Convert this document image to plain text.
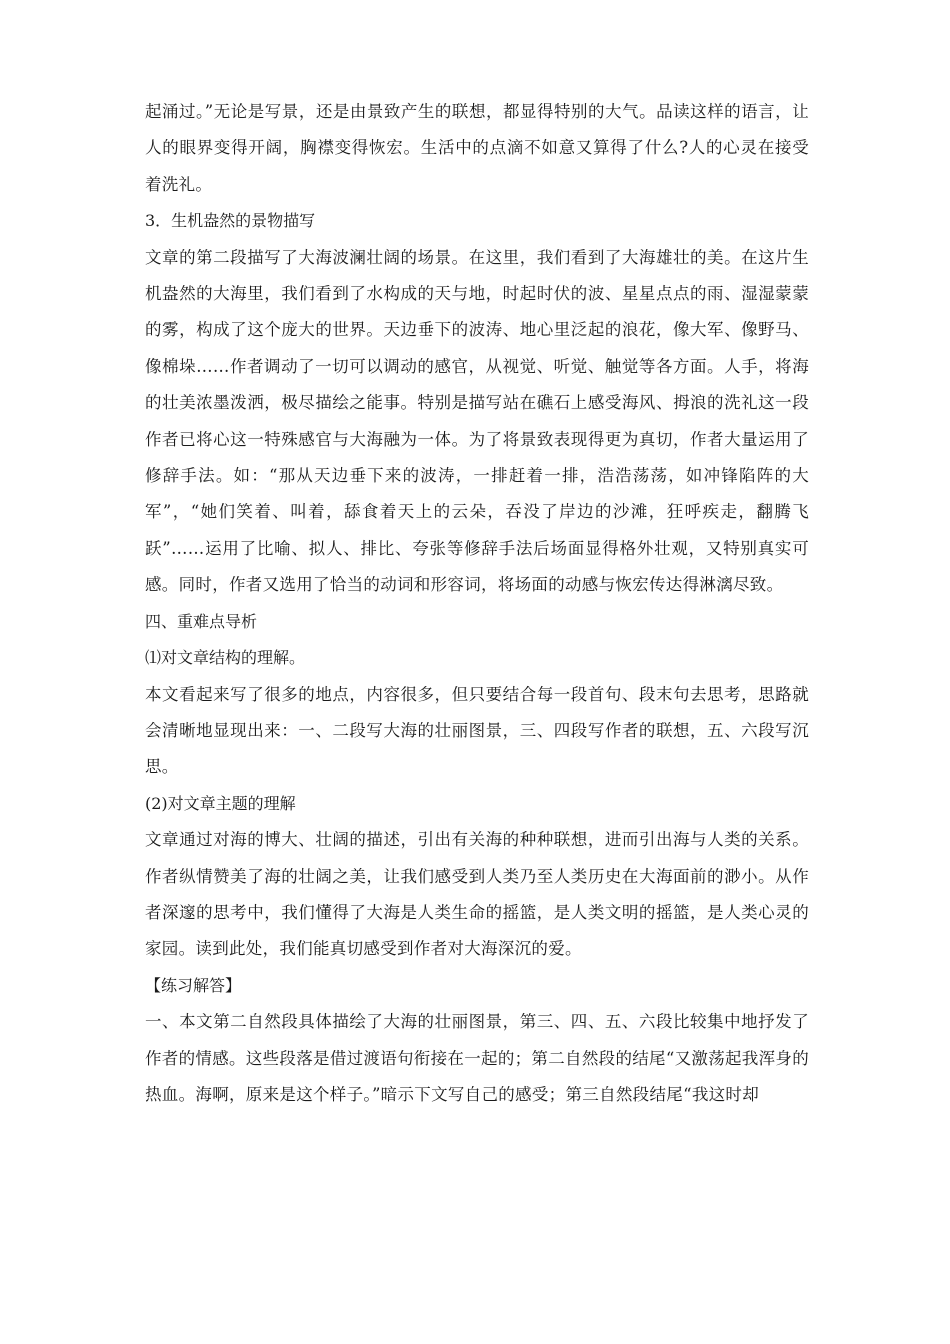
起涌过。”无论是写景，还是由景致产生的联想，都显得特别的大气。品读这样的语言，让人的眼界变得开阔，胸襟变得恢宏。生活中的点滴不如意又算得了什么?人的心灵在接受着洗礼。

3．生机盎然的景物描写

文章的第二段描写了大海波澜壮阔的场景。在这里，我们看到了大海雄壮的美。在这片生机盎然的大海里，我们看到了水构成的天与地，时起时伏的波、星星点点的雨、湿湿蒙蒙的雾，构成了这个庞大的世界。天边垂下的波涛、地心里泛起的浪花，像大军、像野马、像棉垛……作者调动了一切可以调动的感官，从视觉、听觉、触觉等各方面。人手，将海的壮美浓墨泼洒，极尽描绘之能事。特别是描写站在礁石上感受海风、拇浪的洗礼这一段作者已将心这一特殊感官与大海融为一体。为了将景致表现得更为真切，作者大量运用了修辞手法。如：“那从天边垂下来的波涛，一排赶着一排，浩浩荡荡，如冲锋陷阵的大军”，“她们笑着、叫着，舔食着天上的云朵，吞没了岸边的沙滩，狂呼疾走，翻腾飞跃”……运用了比喻、拟人、排比、夸张等修辞手法后场面显得格外壮观，又特别真实可感。同时，作者又选用了恰当的动词和形容词，将场面的动感与恢宏传达得淋漓尽致。

四、重难点导析

⑴对文章结构的理解。

本文看起来写了很多的地点，内容很多，但只要结合每一段首句、段末句去思考，思路就会清晰地显现出来：一、二段写大海的壮丽图景，三、四段写作者的联想，五、六段写沉思。

(2)对文章主题的理解

文章通过对海的博大、壮阔的描述，引出有关海的种种联想，进而引出海与人类的关系。作者纵情赞美了海的壮阔之美，让我们感受到人类乃至人类历史在大海面前的渺小。从作者深邃的思考中，我们懂得了大海是人类生命的摇篮，是人类文明的摇篮，是人类心灵的家园。读到此处，我们能真切感受到作者对大海深沉的爱。

【练习解答】

一、本文第二自然段具体描绘了大海的壮丽图景，第三、四、五、六段比较集中地抒发了作者的情感。这些段落是借过渡语句衔接在一起的；第二自然段的结尾“又激荡起我浑身的热血。海啊，原来是这个样子。”暗示下文写自己的感受；第三自然段结尾“我这时却
